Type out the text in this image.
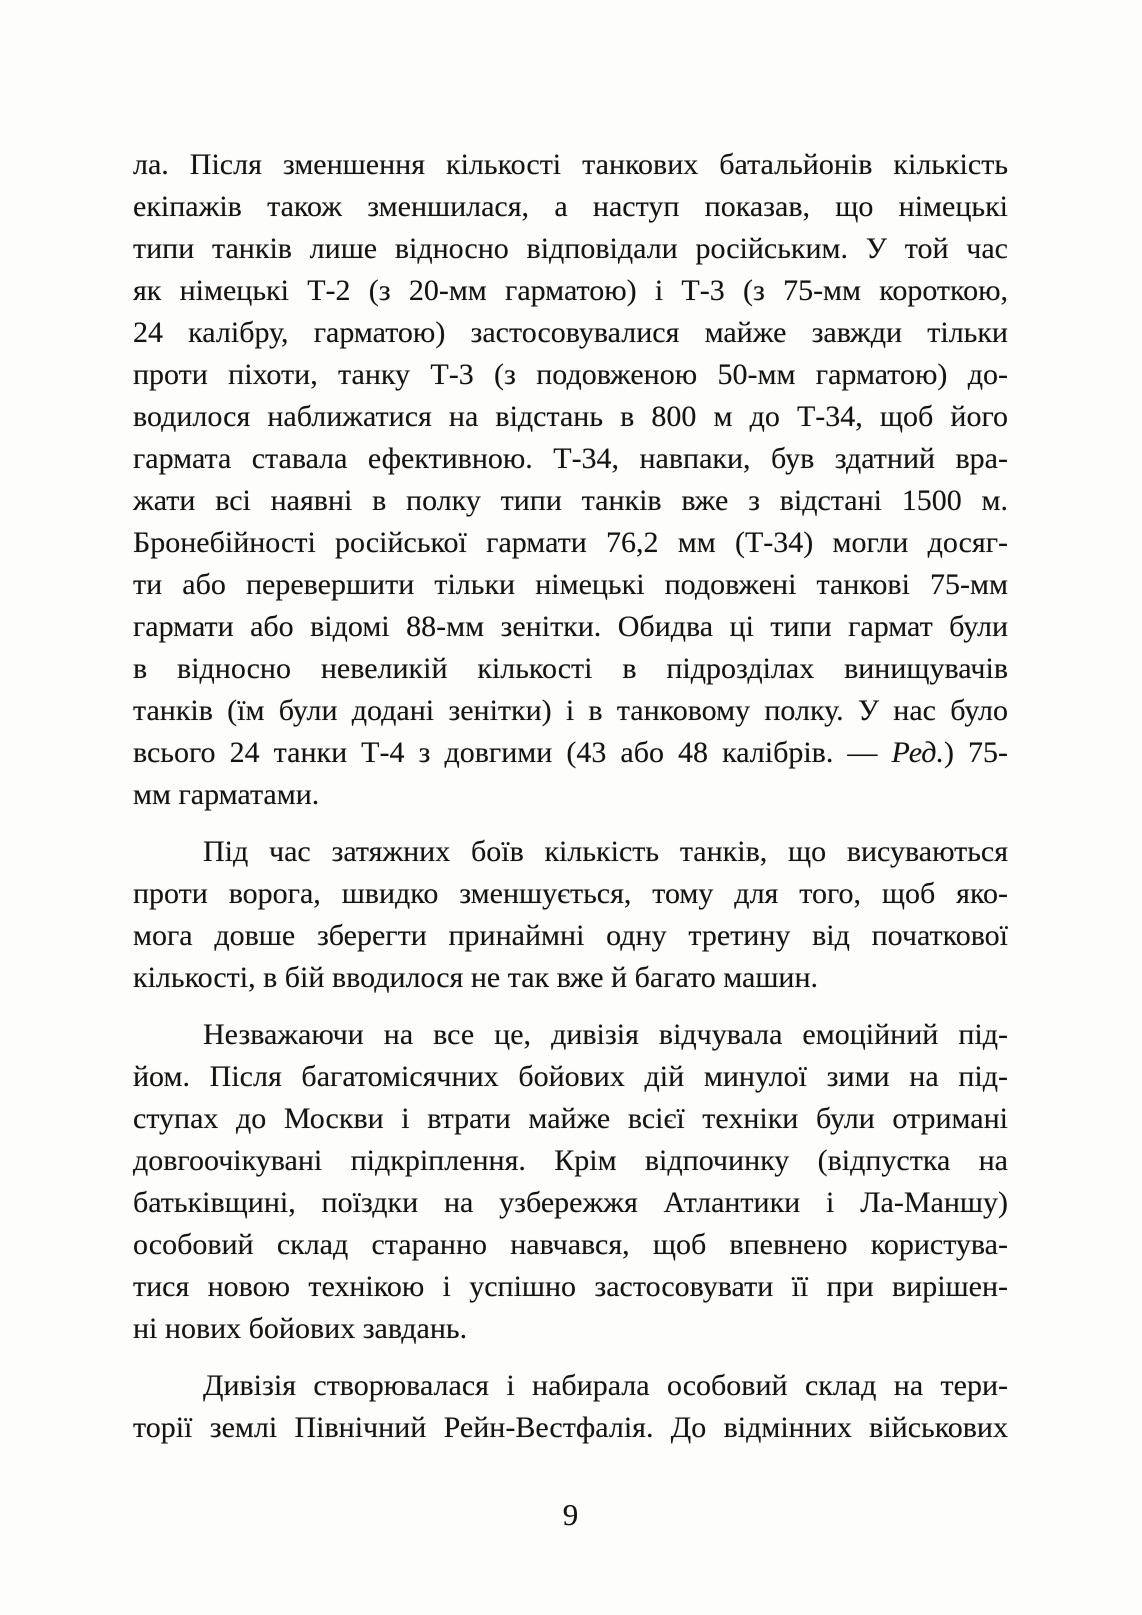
ла. Після зменшення кількості танкових батальйонів кількість
екіпажів також зменшилася, а наступ показав, що німецькі
типи танків лише відносно відповідали російським. У той час
як німецькі Т-2 (з 20-мм гарматою) і Т-3 (з 75-мм короткою,
24 калібру, гарматою) застосовувалися майже завжди тільки
проти піхоти, танку Т-3 (з подовженою 50-мм гарматою) до-
водилося наближатися на відстань в 800 м до Т-34, щоб його
гармата ставала ефективною. Т-34, навпаки, був здатний вра-
жати всі наявні в полку типи танків вже з відстані 1500 м.
Бронебійності російської гармати 76,2 мм (Т-34) могли досяг-
ти або перевершити тільки німецькі подовжені танкові 75-мм
гармати або відомі 88-мм зенітки. Обидва ці типи гармат були
в відносно невеликій кількості в підрозділах винищувачів
танків (їм були додані зенітки) і в танковому полку. У нас було
всього 24 танки Т-4 з довгими (43 або 48 калібрів. — Ред.) 75-
мм гарматами.
Під час затяжних боїв кількість танків, що висуваються
проти ворога, швидко зменшується, тому для того, щоб яко-
мога довше зберегти принаймні одну третину від початкової
кількості, в бій вводилося не так вже й багато машин.
Незважаючи на все це, дивізія відчувала емоційний під-
йом. Після багатомісячних бойових дій минулої зими на під-
ступах до Москви і втрати майже всієї техніки були отримані
довгоочікувані підкріплення. Крім відпочинку (відпустка на
батьківщині, поїздки на узбережжя Атлантики і Ла-Маншу)
особовий склад старанно навчався, щоб впевнено користува-
тися новою технікою і успішно застосовувати її при вирішен-
ні нових бойових завдань.
Дивізія створювалася і набирала особовий склад на тери-
торії землі Північний Рейн-Вестфалія. До відмінних військових
9
